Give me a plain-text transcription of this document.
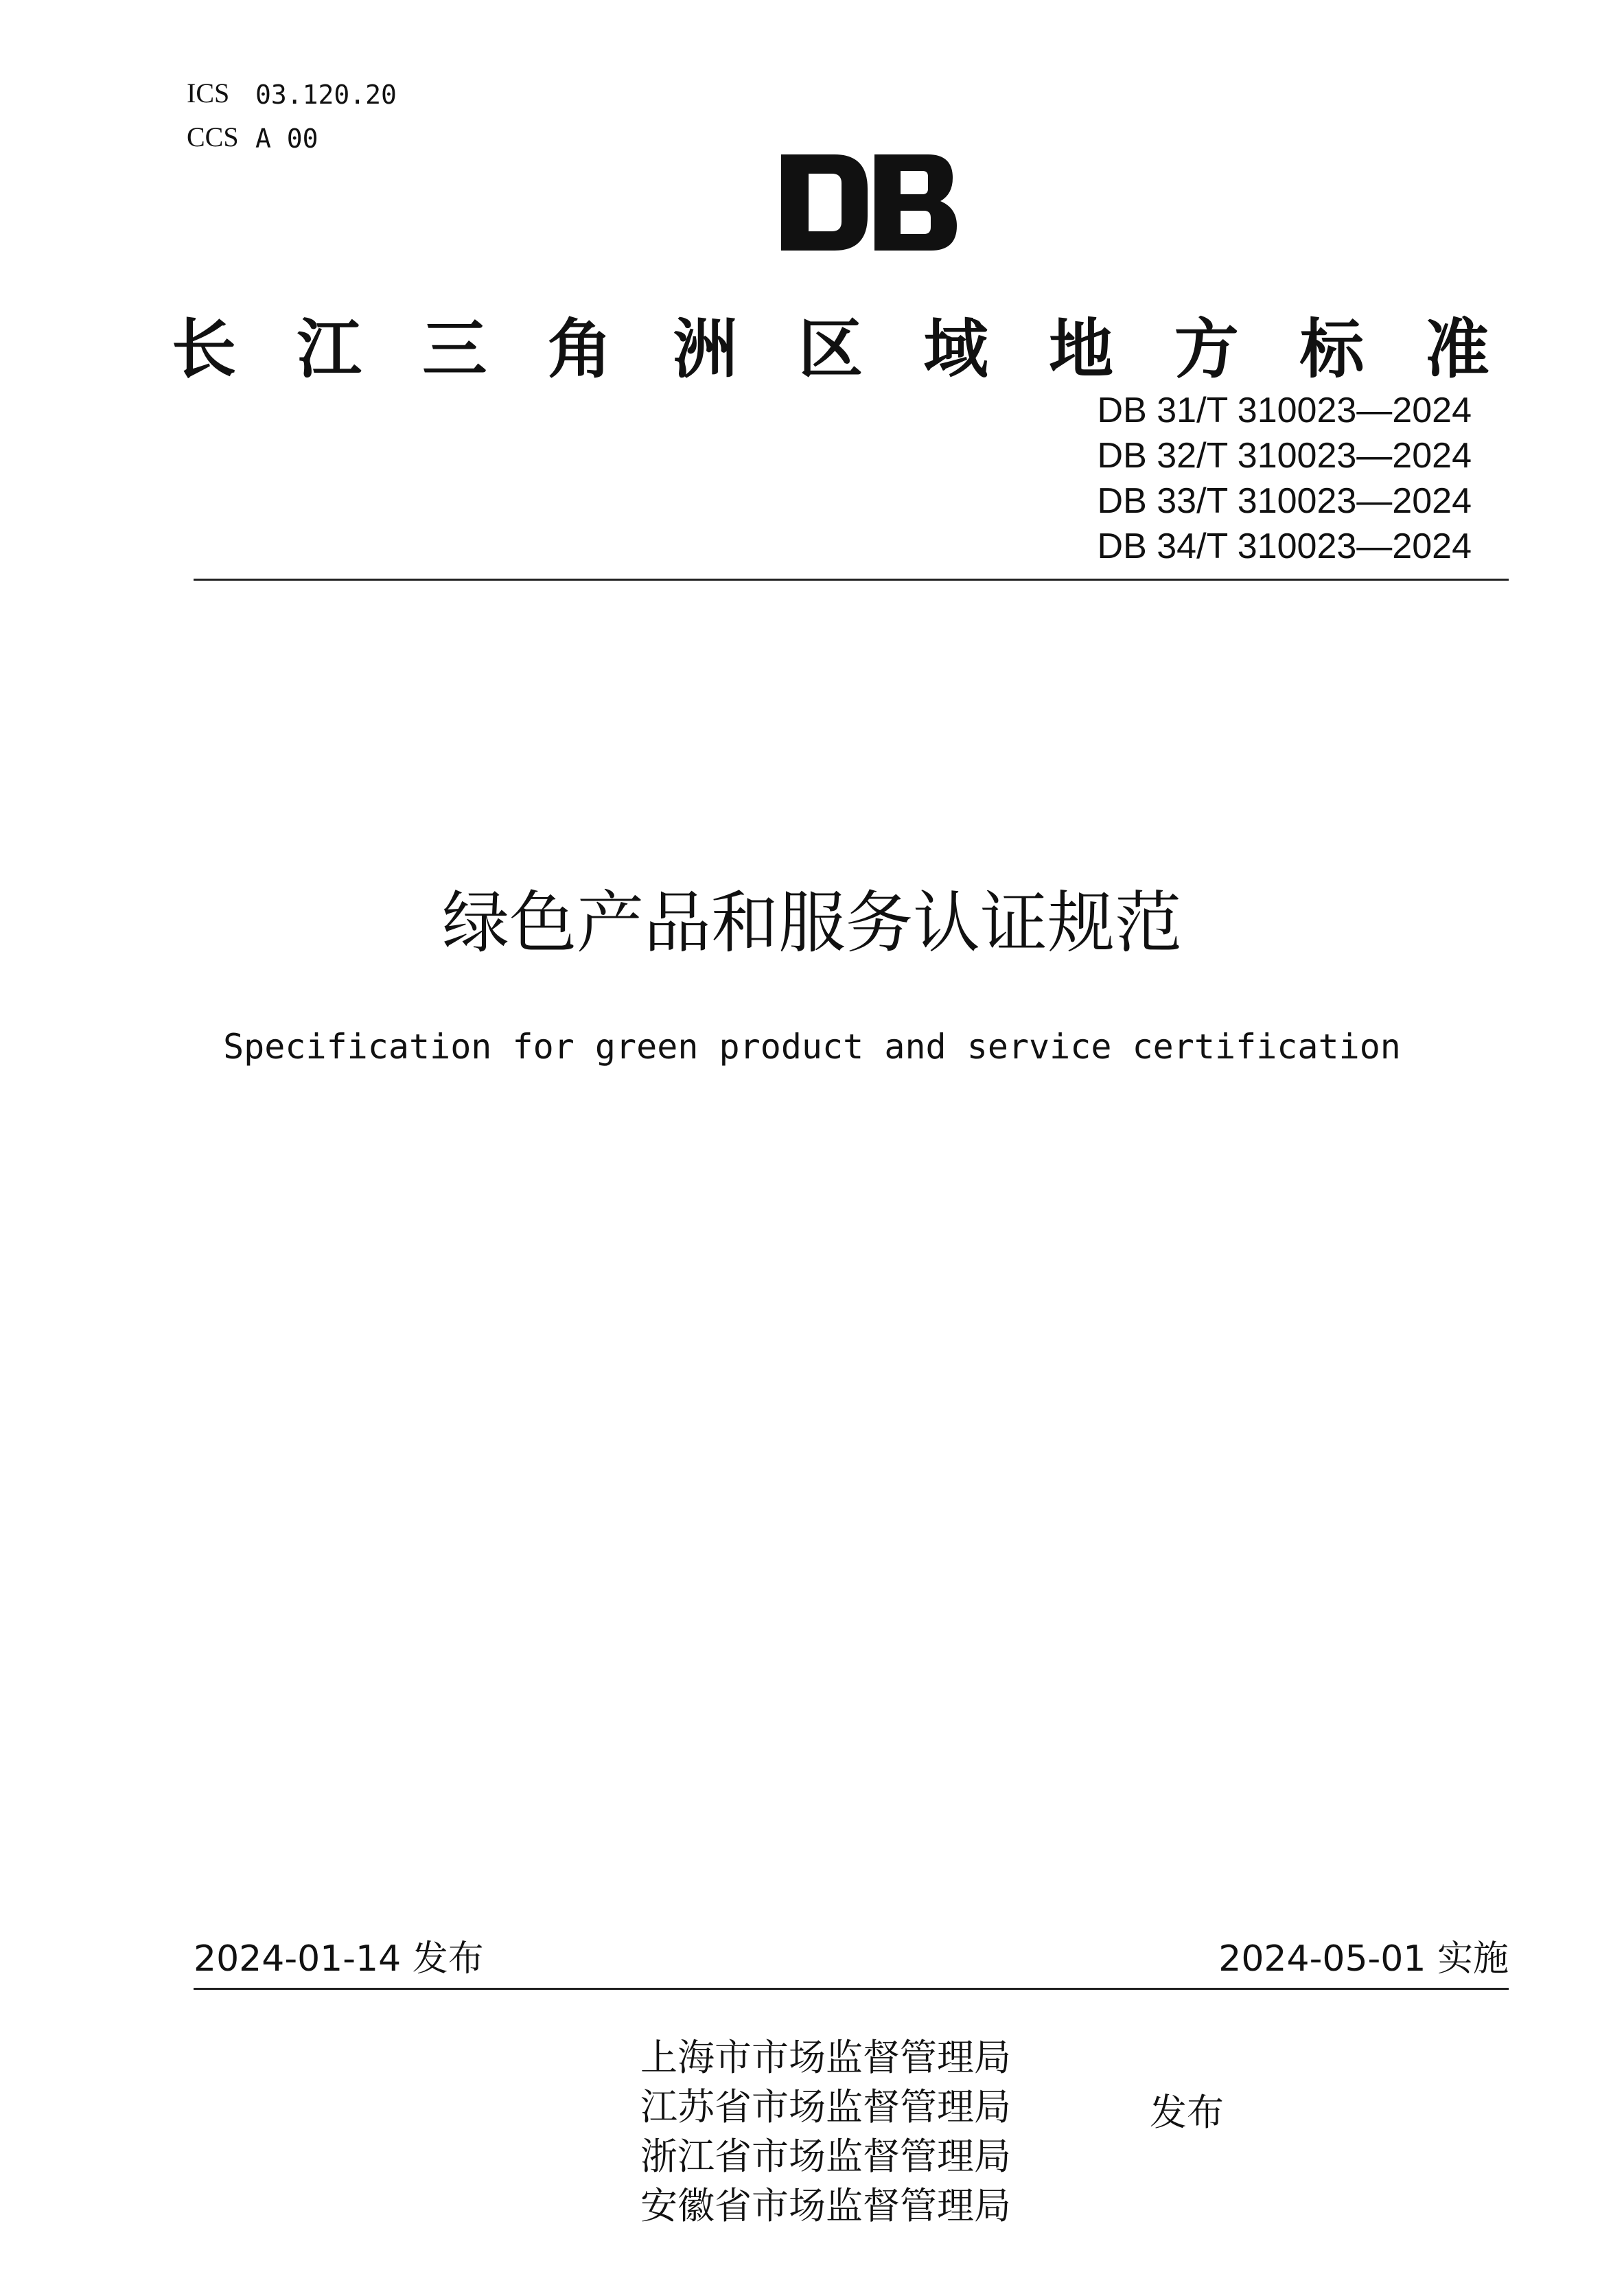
ICS 03.120.20
CCS A 00
长 江 三 角 洲 区 域 地 方 标 准
DB 31/T 310023—2024
DB 32/T 310023—2024
DB 33/T 310023—2024
DB 34/T 310023—2024
绿色产品和服务认证规范
Specification for green product and service certification
2024-01-14 发布	2024-05-01 实施
上海市市场监督管理局
江苏省市场监督管理局
浙江省市场监督管理局
安徽省市场监督管理局
发布
